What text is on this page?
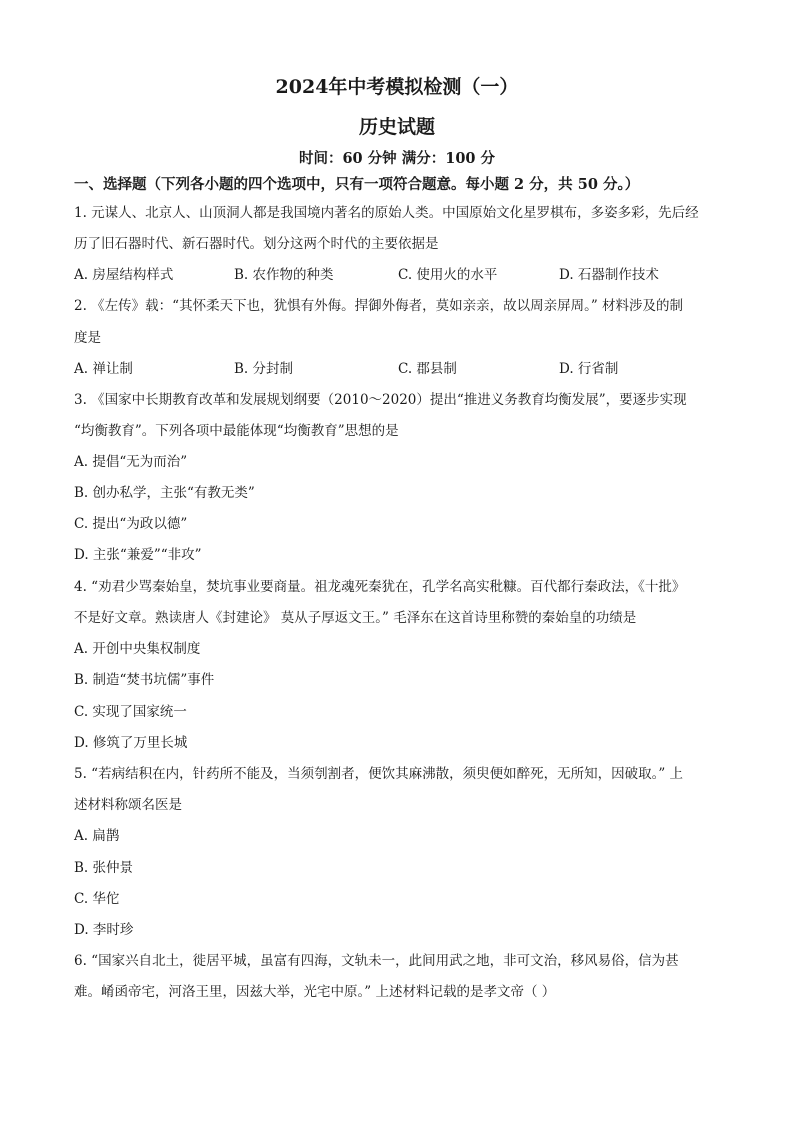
2024年中考模拟检测（一）
历史试题
时间：60 分钟 满分：100 分
一、选择题（下列各小题的四个选项中，只有一项符合题意。每小题 2 分，共 50 分。）
1. 元谋人、北京人、山顶洞人都是我国境内著名的原始人类。中国原始文化星罗棋布，多姿多彩，先后经
历了旧石器时代、新石器时代。划分这两个时代的主要依据是
A. 房屋结构样式	B. 农作物的种类	C. 使用火的水平	D. 石器制作技术
2. 《左传》载：“其怀柔天下也，犹惧有外侮。捍御外侮者，莫如亲亲，故以周亲屏周。” 材料涉及的制
度是
A. 禅让制	B. 分封制	C. 郡县制	D. 行省制
3. 《国家中长期教育改革和发展规划纲要（2010～2020）提出“推进义务教育均衡发展”，要逐步实现
“均衡教育”。下列各项中最能体现“均衡教育”思想的是
A. 提倡“无为而治”
B. 创办私学，主张“有教无类”
C. 提出“为政以德”
D. 主张“兼爱”“非攻”
4. “劝君少骂秦始皇，焚坑事业要商量。祖龙魂死秦犹在，孔学名高实秕糠。百代都行秦政法，《十批》
不是好文章。熟读唐人《封建论》 莫从子厚返文王。” 毛泽东在这首诗里称赞的秦始皇的功绩是
A. 开创中央集权制度
B. 制造“焚书坑儒”事件
C. 实现了国家统一
D. 修筑了万里长城
5. “若病结积在内，针药所不能及，当须刳割者，便饮其麻沸散，须臾便如醉死，无所知，因破取。” 上
述材料称颂名医是
A. 扁鹊
B. 张仲景
C. 华佗
D. 李时珍
6. “国家兴自北土，徙居平城，虽富有四海，文轨未一，此间用武之地，非可文治，移风易俗，信为甚
难。崤函帝宅，河洛王里，因兹大举，光宅中原。” 上述材料记载的是孝文帝（ ）
